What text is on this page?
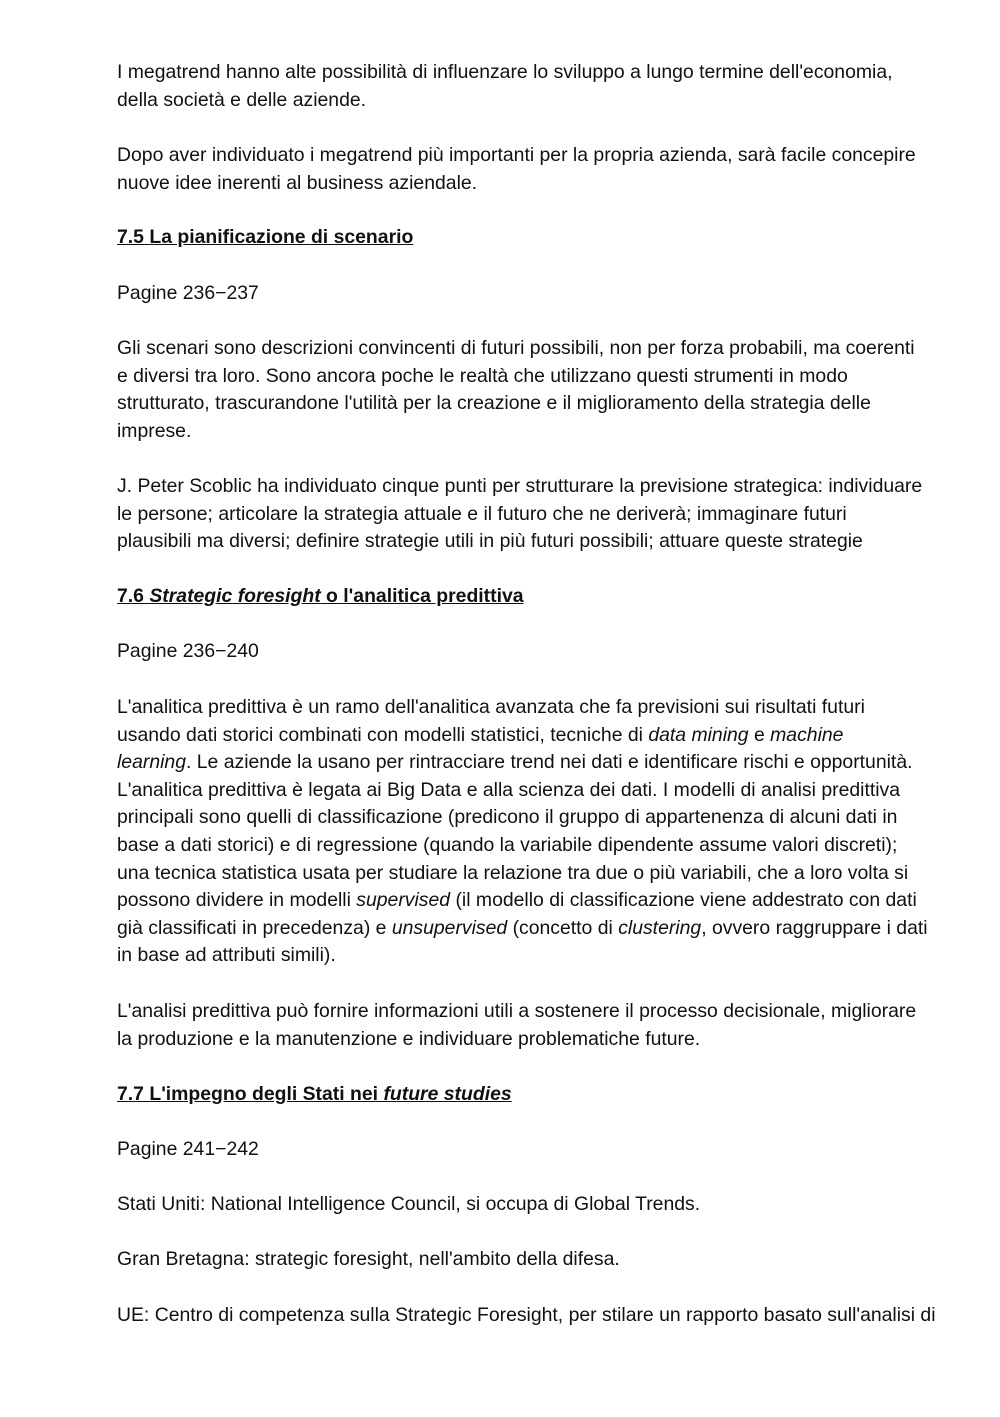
I megatrend hanno alte possibilità di influenzare lo sviluppo a lungo termine dell'economia,
della società e delle aziende.
Dopo aver individuato i megatrend più importanti per la propria azienda, sarà facile concepire
nuove idee inerenti al business aziendale.
7.5 La pianificazione di scenario
Pagine 236−237
Gli scenari sono descrizioni convincenti di futuri possibili, non per forza probabili, ma coerenti
e diversi tra loro. Sono ancora poche le realtà che utilizzano questi strumenti in modo
strutturato, trascurandone l'utilità per la creazione e il miglioramento della strategia delle
imprese.
J. Peter Scoblic ha individuato cinque punti per strutturare la previsione strategica: individuare
le persone; articolare la strategia attuale e il futuro che ne deriverà; immaginare futuri
plausibili ma diversi; definire strategie utili in più futuri possibili; attuare queste strategie
7.6 Strategic foresight o l'analitica predittiva
Pagine 236−240
L'analitica predittiva è un ramo dell'analitica avanzata che fa previsioni sui risultati futuri
usando dati storici combinati con modelli statistici, tecniche di data mining e machine
learning. Le aziende la usano per rintracciare trend nei dati e identificare rischi e opportunità.
L'analitica predittiva è legata ai Big Data e alla scienza dei dati. I modelli di analisi predittiva
principali sono quelli di classificazione (predicono il gruppo di appartenenza di alcuni dati in
base a dati storici) e di regressione (quando la variabile dipendente assume valori discreti);
una tecnica statistica usata per studiare la relazione tra due o più variabili, che a loro volta si
possono dividere in modelli supervised (il modello di classificazione viene addestrato con dati
già classificati in precedenza) e unsupervised (concetto di clustering, ovvero raggruppare i dati
in base ad attributi simili).
L'analisi predittiva può fornire informazioni utili a sostenere il processo decisionale, migliorare
la produzione e la manutenzione e individuare problematiche future.
7.7 L'impegno degli Stati nei future studies
Pagine 241−242
Stati Uniti: National Intelligence Council, si occupa di Global Trends.
Gran Bretagna: strategic foresight, nell'ambito della difesa.
UE: Centro di competenza sulla Strategic Foresight, per stilare un rapporto basato sull'analisi di
